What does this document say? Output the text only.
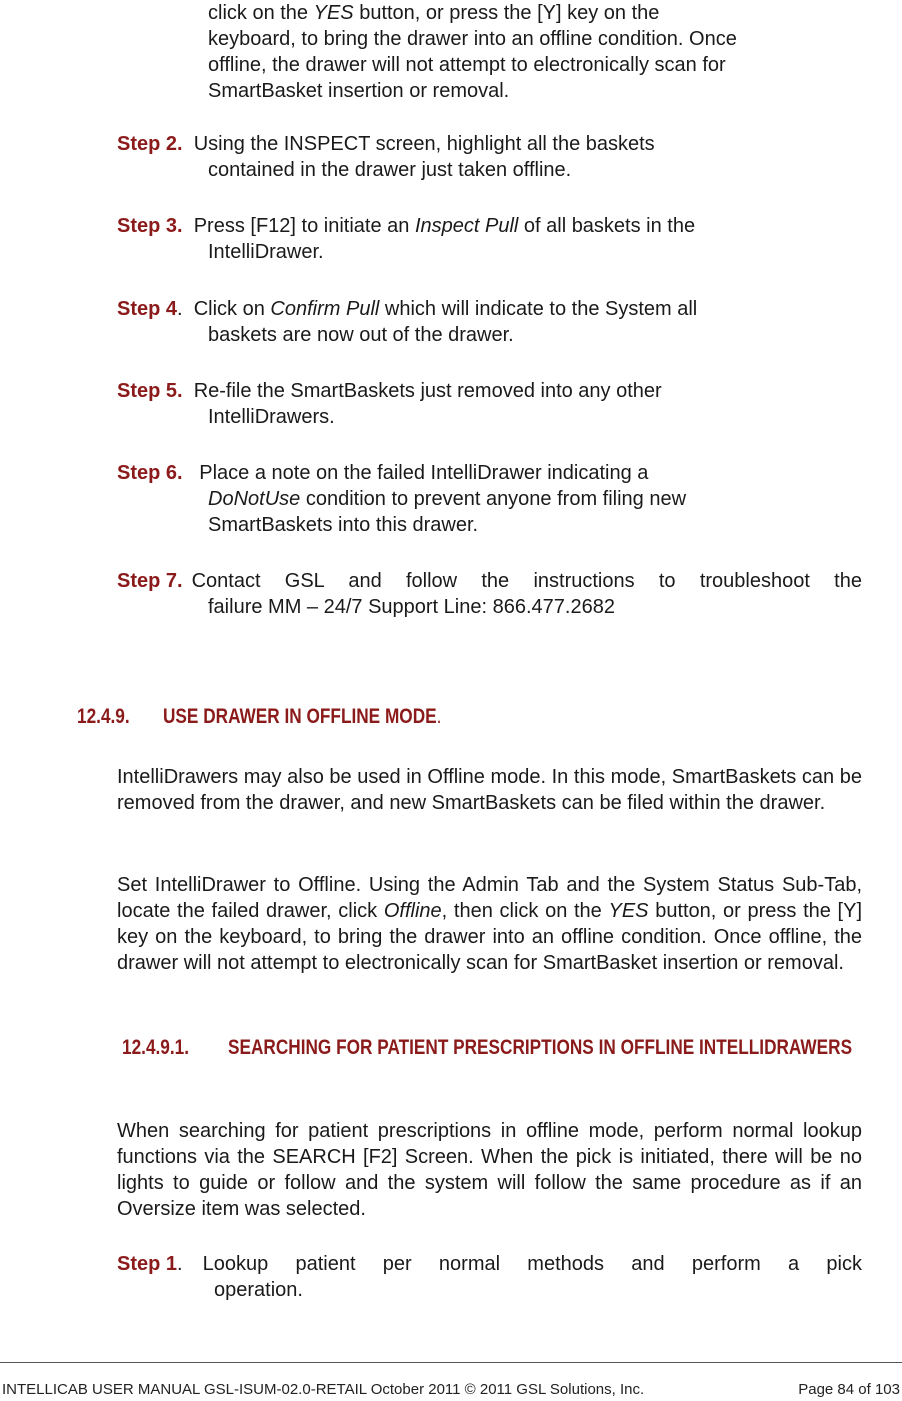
click on the YES button, or press the [Y] key on the
keyboard, to bring the drawer into an offline condition. Once
offline, the drawer will not attempt to electronically scan for
SmartBasket insertion or removal.
Step 2. Using the INSPECT screen, highlight all the baskets
contained in the drawer just taken offline.
Step 3. Press [F12] to initiate an Inspect Pull of all baskets in the
IntelliDrawer.
Step 4. Click on Confirm Pull which will indicate to the System all
baskets are now out of the drawer.
Step 5. Re-file the SmartBaskets just removed into any other
IntelliDrawers.
Step 6. Place a note on the failed IntelliDrawer indicating a
DoNotUse condition to prevent anyone from filing new
SmartBaskets into this drawer.
Step 7. Contact GSL and follow the instructions to troubleshoot the
failure MM – 24/7 Support Line: 866.477.2682
12.4.9. USE DRAWER IN OFFLINE MODE.
IntelliDrawers may also be used in Offline mode. In this mode, SmartBaskets can be removed from the drawer, and new SmartBaskets can be filed within the drawer.
Set IntelliDrawer to Offline. Using the Admin Tab and the System Status Sub-Tab, locate the failed drawer, click Offline, then click on the YES button, or press the [Y] key on the keyboard, to bring the drawer into an offline condition. Once offline, the drawer will not attempt to electronically scan for SmartBasket insertion or removal.
12.4.9.1. SEARCHING FOR PATIENT PRESCRIPTIONS IN OFFLINE INTELLIDRAWERS
When searching for patient prescriptions in offline mode, perform normal lookup functions via the SEARCH [F2] Screen. When the pick is initiated, there will be no lights to guide or follow and the system will follow the same procedure as if an Oversize item was selected.
Step 1 . Lookup patient per normal methods and perform a pick
operation.
INTELLICAB USER MANUAL GSL-ISUM-02.0-RETAIL October 2011 © 2011 GSL Solutions, Inc.	Page 84 of 103
